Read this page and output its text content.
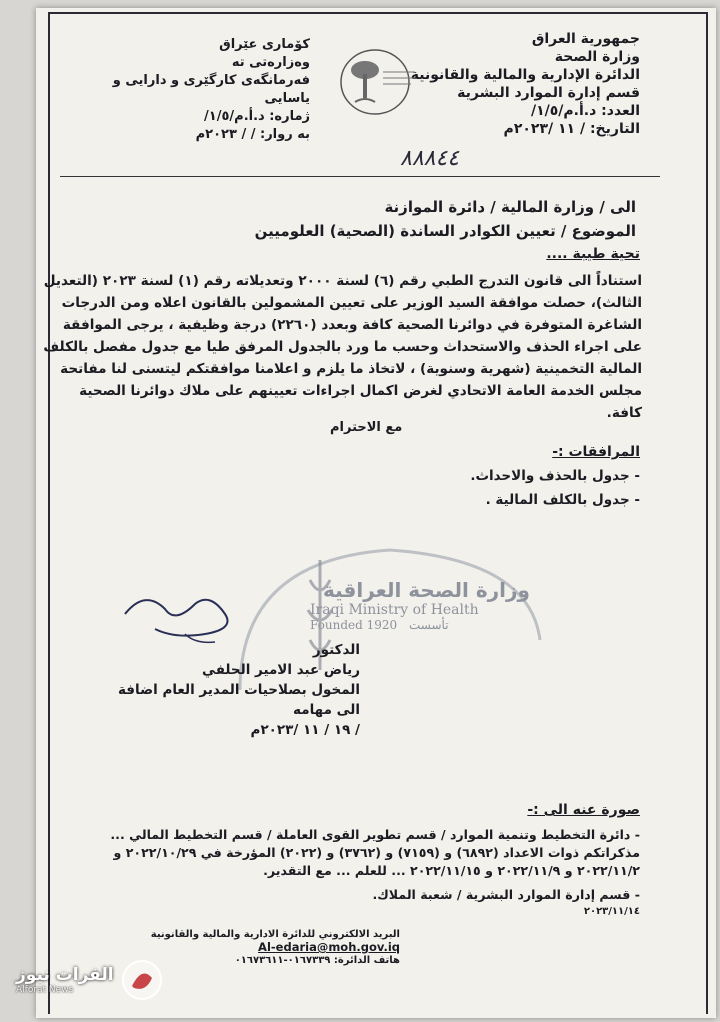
جمهورية العراق
وزارة الصحة
الدائرة الإدارية والمالية والقانونية
قسم إدارة الموارد البشرية
العدد: د.أ.م/١/٥/
التاريخ: / ١١ /٢٠٢٣م
كۆماری عێراق
وەزارەتی تە
فەرمانگەی کارگێری و دارایی و یاسایی
ژمارە: د.أ.م/١/٥/
بە روار: / / ٢٠٢٣م
٨٨٨٤٤
الى / وزارة المالية / دائرة الموازنة
الموضوع / تعيين الكوادر الساندة (الصحية) العلوميين
تحية طيبة ....
استناداً الى قانون التدرج الطبي رقم (٦) لسنة ٢٠٠٠ وتعديلاته رقم (١) لسنة ٢٠٢٣ (التعديل الثالث)، حصلت موافقة السيد الوزير على تعيين المشمولين بالقانون اعلاه ومن الدرجات الشاغرة المتوفرة في دوائرنا الصحية كافة وبعدد (٢٢٦٠) درجة وظيفية ، يرجى الموافقة على اجراء الحذف والاستحداث وحسب ما ورد بالجدول المرفق طيا مع جدول مفصل بالكلف المالية التخمينية (شهرية وسنوية) ، لاتخاذ ما يلزم و اعلامنا موافقتكم ليتسنى لنا مفاتحة مجلس الخدمة العامة الاتحادي لغرض اكمال اجراءات تعيينهم على ملاك دوائرنا الصحية كافة.
مع الاحترام
المرافقات :-
- جدول بالحذف والاحداث.
- جدول بالكلف المالية .
وزارة الصحة العراقية
Iraqi Ministry of Health
Founded 1920 تأسست
الدكتور
رياض عبد الامير الحلفي
المخول بصلاحيات المدير العام اضافة الى مهامه
/ ١٩ / ١١ /٢٠٢٣م
صورة عنه الى :-
- دائرة التخطيط وتنمية الموارد / قسم تطوير القوى العاملة / قسم التخطيط المالي ... مذكراتكم ذوات الاعداد (٦٨٩٢) و (٧١٥٩) و (٣٧٦٢) و (٢٠٢٢) المؤرخة في ٢٠٢٢/١٠/٢٩ و ٢٠٢٢/١١/٢ و ٢٠٢٢/١١/٩ و ٢٠٢٢/١١/١٥ ... للعلم ... مع التقدير.
- قسم إدارة الموارد البشرية / شعبة الملاك.
٢٠٢٣/١١/١٤
البريد الالكتروني للدائرة الادارية والمالية والقانونية
Al-edaria@moh.gov.iq
هاتف الدائرة: ٠١٦٧٣٣٩-٠١٦٧٣٦١١
الفرات نيوز
Alforat News
